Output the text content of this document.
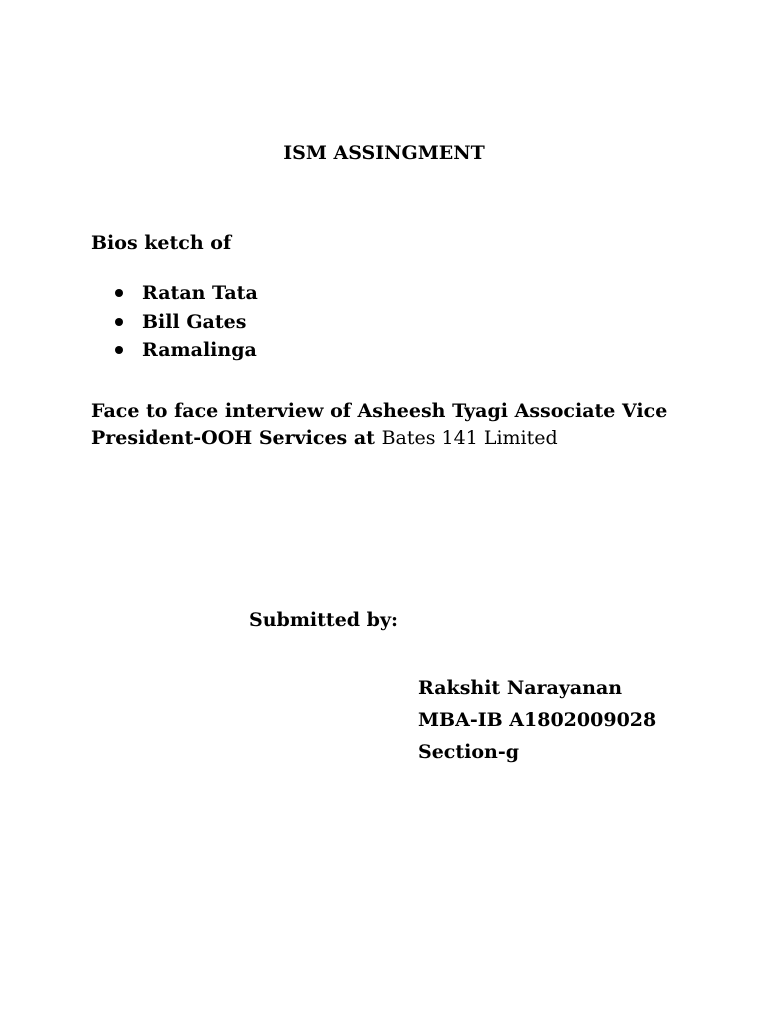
ISM ASSINGMENT
Bios ketch of
Ratan Tata
Bill Gates
Ramalinga
Face to face interview of Asheesh Tyagi Associate Vice
President-OOH Services at Bates 141 Limited
Submitted by:
Rakshit Narayanan
MBA-IB A1802009028
Section-g
